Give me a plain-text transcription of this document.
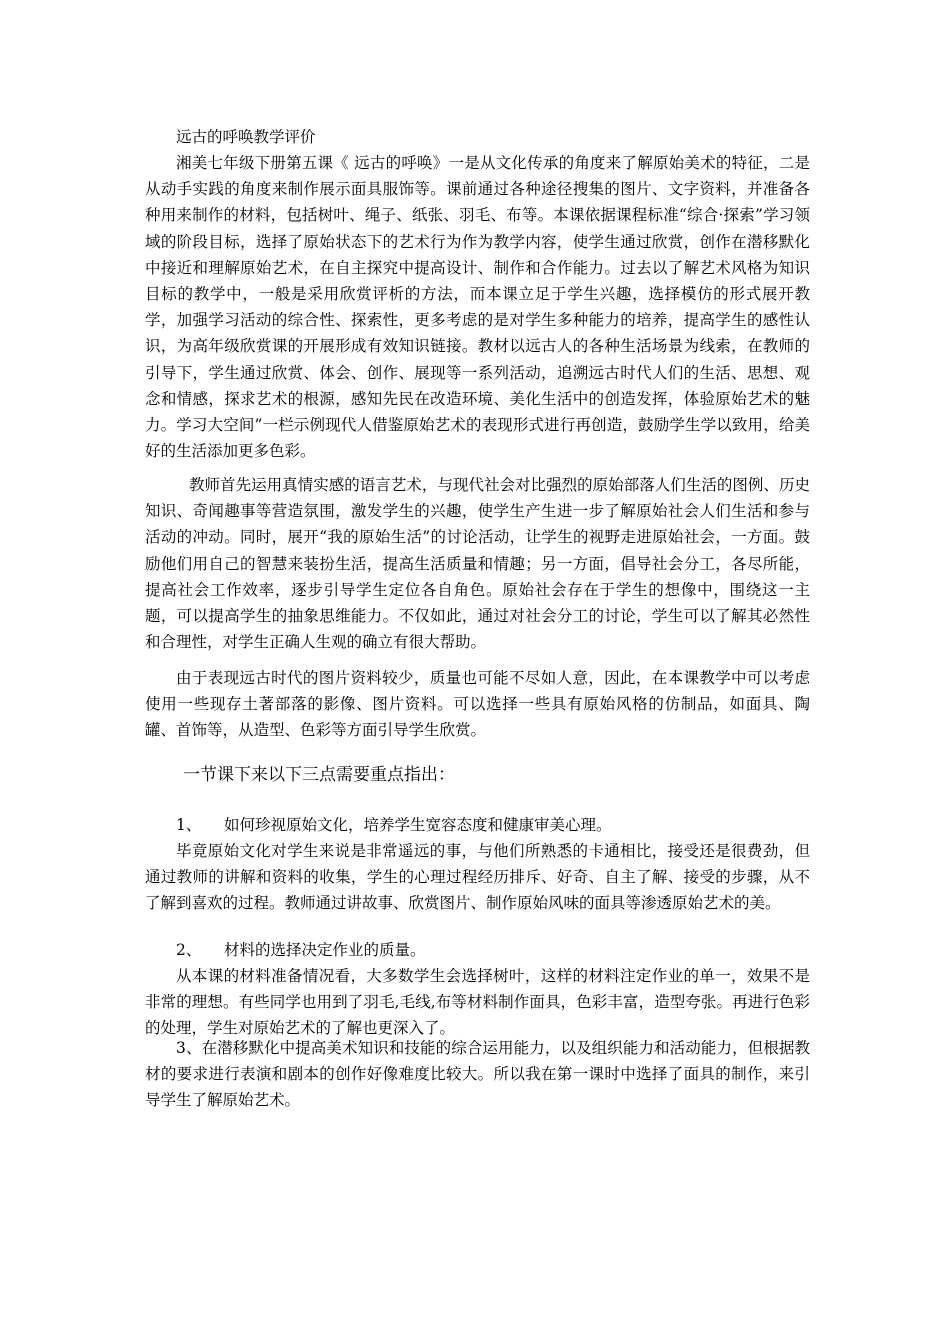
远古的呼唤教学评价

湘美七年级下册第五课《 远古的呼唤》一是从文化传承的角度来了解原始美术的特征，二是从动手实践的角度来制作展示面具服饰等。课前通过各种途径搜集的图片、文字资料，并准备各种用来制作的材料，包括树叶、绳子、纸张、羽毛、布等。本课依据课程标准“综合·探索”学习领域的阶段目标，选择了原始状态下的艺术行为作为教学内容，使学生通过欣赏，创作在潜移默化中接近和理解原始艺术，在自主探究中提高设计、制作和合作能力。过去以了解艺术风格为知识目标的教学中，一般是采用欣赏评析的方法，而本课立足于学生兴趣，选择模仿的形式展开教学，加强学习活动的综合性、探索性，更多考虑的是对学生多种能力的培养，提高学生的感性认识，为高年级欣赏课的开展形成有效知识链接。教材以远古人的各种生活场景为线索，在教师的引导下，学生通过欣赏、体会、创作、展现等一系列活动，追溯远古时代人们的生活、思想、观念和情感，探求艺术的根源，感知先民在改造环境、美化生活中的创造发挥，体验原始艺术的魅力。学习大空间”一栏示例现代人借鉴原始艺术的表现形式进行再创造，鼓励学生学以致用，给美好的生活添加更多色彩。

教师首先运用真情实感的语言艺术，与现代社会对比强烈的原始部落人们生活的图例、历史知识、奇闻趣事等营造氛围，激发学生的兴趣，使学生产生进一步了解原始社会人们生活和参与活动的冲动。同时，展开“我的原始生活”的讨论活动，让学生的视野走进原始社会，一方面。鼓励他们用自己的智慧来装扮生活，提高生活质量和情趣；另一方面，倡导社会分工，各尽所能，提高社会工作效率，逐步引导学生定位各自角色。原始社会存在于学生的想像中，围绕这一主题，可以提高学生的抽象思维能力。不仅如此，通过对社会分工的讨论，学生可以了解其必然性和合理性，对学生正确人生观的确立有很大帮助。

由于表现远古时代的图片资料较少，质量也可能不尽如人意，因此，在本课教学中可以考虑使用一些现存土著部落的影像、图片资料。可以选择一些具有原始风格的仿制品，如面具、陶罐、首饰等，从造型、色彩等方面引导学生欣赏。

一节课下来以下三点需要重点指出：

1、 如何珍视原始文化，培养学生宽容态度和健康审美心理。

毕竟原始文化对学生来说是非常遥远的事，与他们所熟悉的卡通相比，接受还是很费劲，但通过教师的讲解和资料的收集，学生的心理过程经历排斥、好奇、自主了解、接受的步骤，从不了解到喜欢的过程。教师通过讲故事、欣赏图片、制作原始风味的面具等渗透原始艺术的美。

2、 材料的选择决定作业的质量。

从本课的材料准备情况看，大多数学生会选择树叶，这样的材料注定作业的单一，效果不是非常的理想。有些同学也用到了羽毛,毛线,布等材料制作面具，色彩丰富，造型夸张。再进行色彩的处理，学生对原始艺术的了解也更深入了。

3、在潜移默化中提高美术知识和技能的综合运用能力，以及组织能力和活动能力，但根据教材的要求进行表演和剧本的创作好像难度比较大。所以我在第一课时中选择了面具的制作，来引导学生了解原始艺术。
